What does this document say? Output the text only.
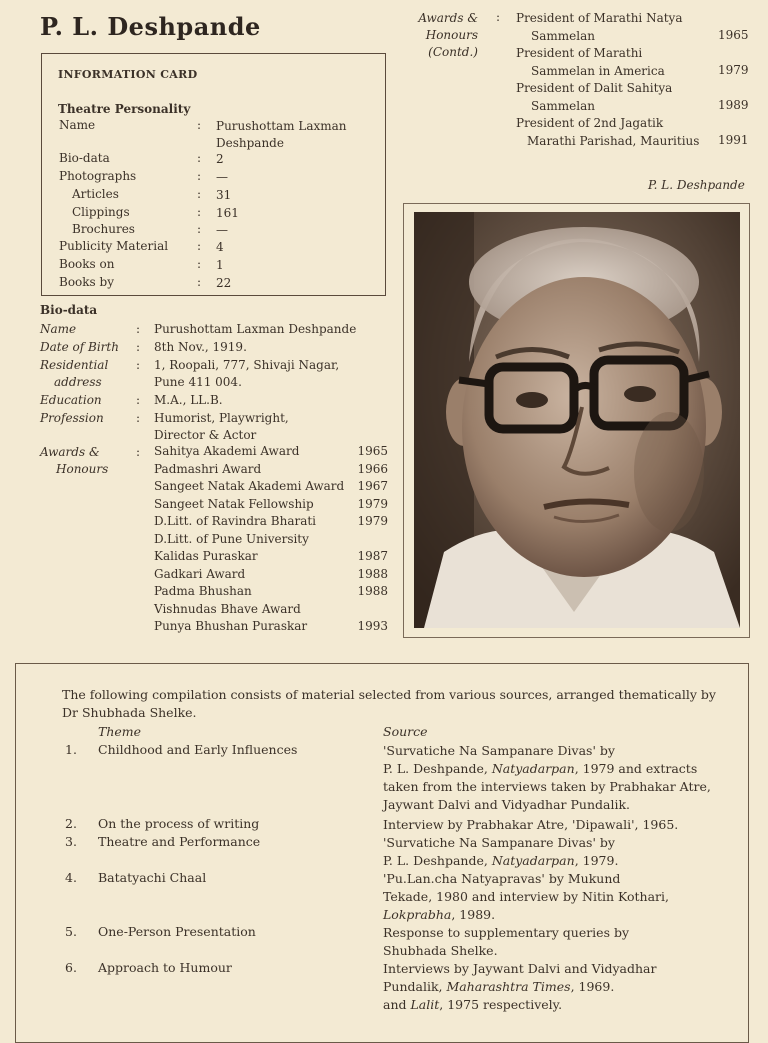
P. L. Deshpande
INFORMATION CARD
Theatre Personality
Name	: Purushottam Laxman Deshpande
Bio-data	: 2
Photographs	: —
Articles	: 31
Clippings	: 161
Brochures	: —
Publicity Material : 4
Books on	: 1
Books by	: 22
Bio-data
Name	: Purushottam Laxman Deshpande
Date of Birth	: 8th Nov., 1919.
Residential
address
: 1, Roopali, 777, Shivaji Nagar,
Pune 411 004.
Education	: M.A., LL.B.
Profession	: Humorist, Playwright,
Director & Actor
Awards &
Honours
: Sahitya Akademi Award	1965
Padmashri Award	1966
Sangeet Natak Akademi Award 1967
Sangeet Natak Fellowship	1979
D.Litt. of Ravindra Bharati	1979
D.Litt. of Pune University
Kalidas Puraskar	1987
Gadkari Award	1988
Padma Bhushan	1988
Vishnudas Bhave Award
Punya Bhushan Puraskar	1993
Awards &
Honours
(Contd.)
: President of Marathi Natya
Sammelan	1965
President of Marathi
Sammelan in America	1979
President of Dalit Sahitya
Sammelan	1989
President of 2nd Jagatik
Marathi Parishad, Mauritius 1991
P. L. Deshpande
The following compilation consists of material selected from various sources, arranged thematically by Dr Shubhada Shelke.
Theme	Source
1. Childhood and Early Influences	'Survatiche Na Sampanare Divas' by
P. L. Deshpande, Natyadarpan, 1979 and extracts
taken from the interviews taken by Prabhakar Atre,
Jaywant Dalvi and Vidyadhar Pundalik.
2. On the process of writing	Interview by Prabhakar Atre, 'Dipawali', 1965.
3. Theatre and Performance	'Survatiche Na Sampanare Divas' by
P. L. Deshpande, Natyadarpan, 1979.
4. Batatyachi Chaal	'Pu.Lan.cha Natyapravas' by Mukund
Tekade, 1980 and interview by Nitin Kothari,
Lokprabha, 1989.
5. One-Person Presentation	Response to supplementary queries by
Shubhada Shelke.
6. Approach to Humour	Interviews by Jaywant Dalvi and Vidyadhar
Pundalik, Maharashtra Times, 1969.
and Lalit, 1975 respectively.
